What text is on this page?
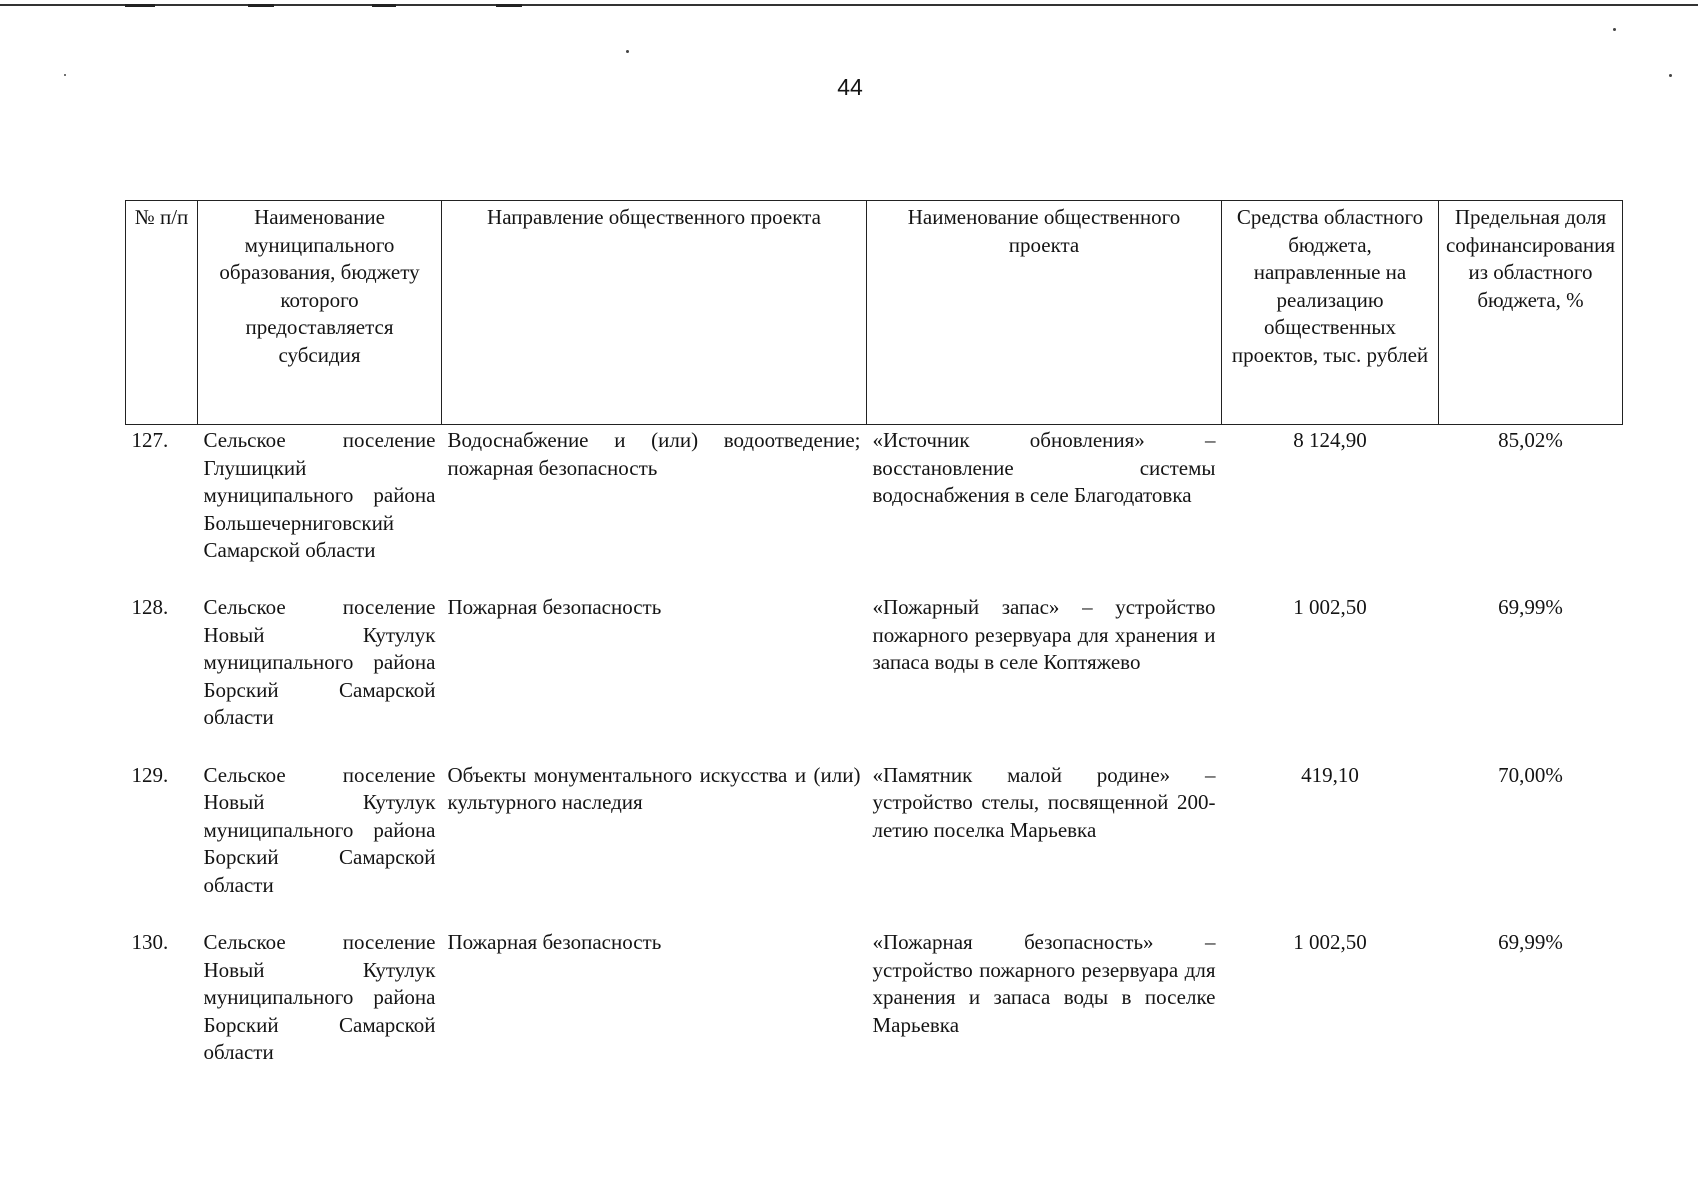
44
№ п/п	Наименование муниципального образования, бюджету которого предоставляется субсидия	Направление общественного проекта	Наименование общественного проекта	Средства областного бюджета, направленные на реализацию общественных проектов, тыс. рублей	Предельная доля софинансирования из областного бюджета, %
127.	Сельское поселение Глушицкий муниципального района Большечерниговский Самарской области	Водоснабжение и (или) водоотведение; пожарная безопасность	«Источник обновления» – восстановление системы водоснабжения в селе Благодатовка	8 124,90	85,02%
128.	Сельское поселение Новый Кутулук муниципального района Борский Самарской области	Пожарная безопасность	«Пожарный запас» – устройство пожарного резервуара для хранения и запаса воды в селе Коптяжево	1 002,50	69,99%
129.	Сельское поселение Новый Кутулук муниципального района Борский Самарской области	Объекты монументального искусства и (или) культурного наследия	«Памятник малой родине» – устройство стелы, посвященной 200-летию поселка Марьевка	419,10	70,00%
130.	Сельское поселение Новый Кутулук муниципального района Борский Самарской области	Пожарная безопасность	«Пожарная безопасность» – устройство пожарного резервуара для хранения и запаса воды в поселке Марьевка	1 002,50	69,99%
